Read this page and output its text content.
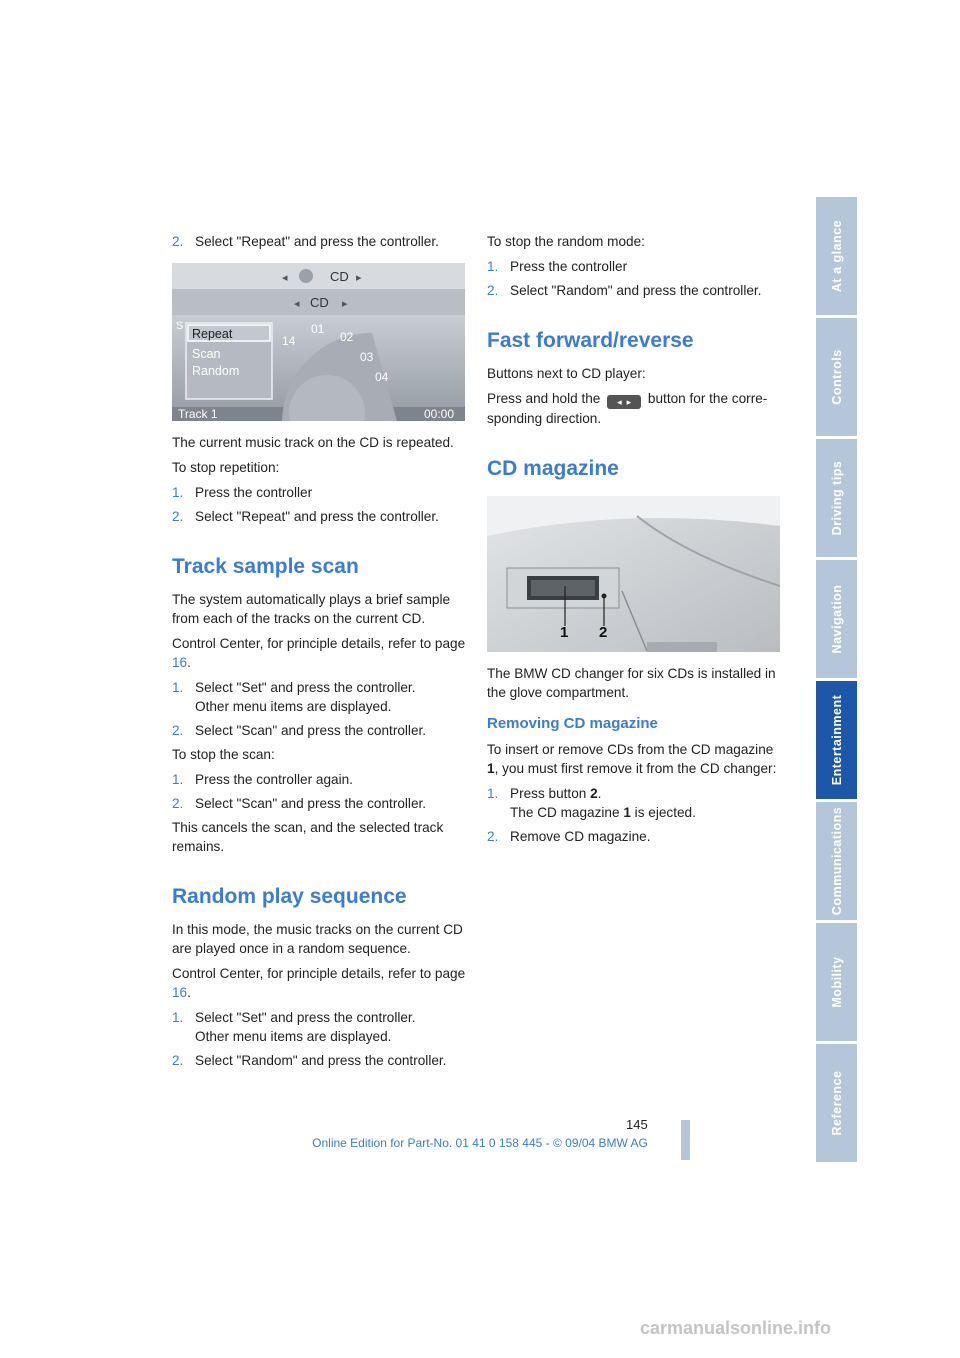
2. Select "Repeat" and press the controller.
CD
◂	▸
CD
◂	▸
Repeat
Scan
Random
S
14
01
02
03
04
Track 1	00:00

The current music track on the CD is repeated.

To stop repetition:

1. Press the controller
2. Select "Repeat" and press the controller.
Track sample scan

The system automatically plays a brief sample from each of the tracks on the current CD.

Control Center, for principle details, refer to page 16.

1. Select "Set" and press the controller.
Other menu items are displayed.
2. Select "Scan" and press the controller.

To stop the scan:

1. Press the controller again.
2. Select "Scan" and press the controller.

This cancels the scan, and the selected track remains.

Random play sequence

In this mode, the music tracks on the current CD are played once in a random sequence.

Control Center, for principle details, refer to page 16.

1. Select "Set" and press the controller.
Other menu items are displayed.
2. Select "Random" and press the controller.

To stop the random mode:

1. Press the controller
2. Select "Random" and press the controller.
Fast forward/reverse

Buttons next to CD player:

Press and hold the ◂  ▸ button for the corre-sponding direction.

CD magazine
1 2

The BMW CD changer for six CDs is installed in the glove compartment.

Removing CD magazine

To insert or remove CDs from the CD magazine 1, you must first remove it from the CD changer:

1. Press button 2.
The CD magazine 1 is ejected.
2. Remove CD magazine.
At a glance
Controls
Driving tips
Navigation
Entertainment
Communications
Mobility
Reference
145
Online Edition for Part-No. 01 41 0 158 445 - © 09/04 BMW AG
carmanualsonline.info
